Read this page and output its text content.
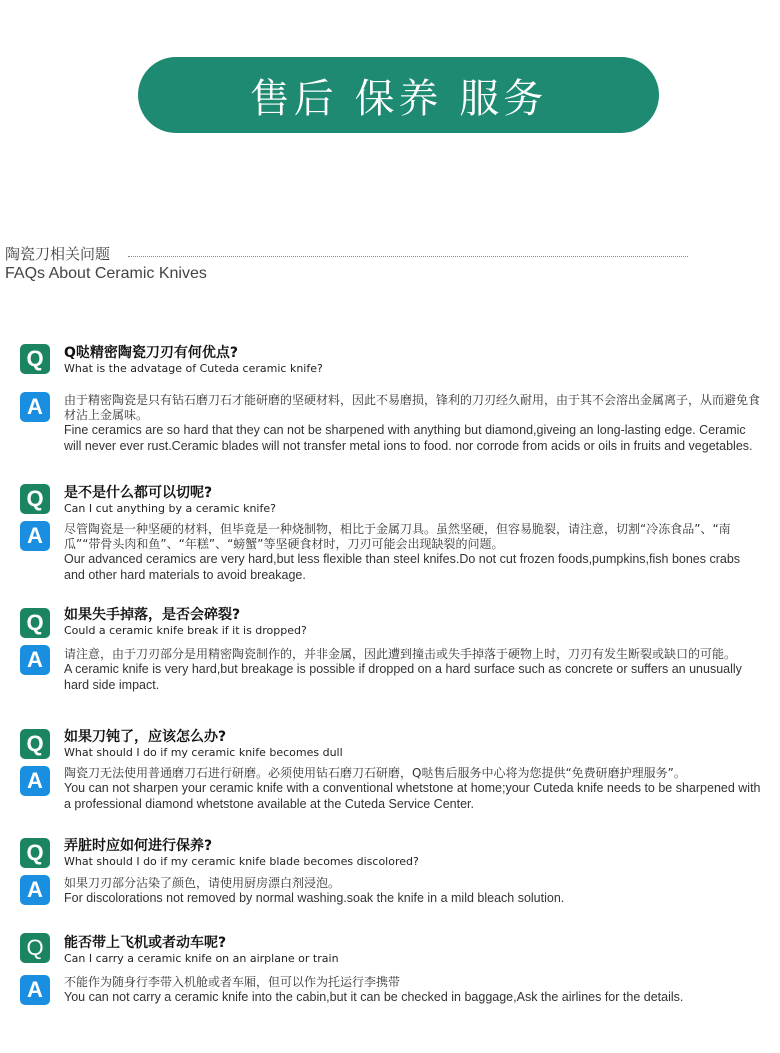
售后 保养 服务
陶瓷刀相关问题
FAQs About Ceramic Knives
Q	Q哒精密陶瓷刀刃有何优点?
What is the advatage of Cuteda ceramic knife?
A	由于精密陶瓷是只有钻石磨刀石才能研磨的坚硬材料，因此不易磨损，锋利的刀刃经久耐用，由于其不会溶出金属离子，从而避免食材沾上金属味。
Fine ceramics are so hard that they can not be sharpened with anything but diamond,giveing an long-lasting edge. Ceramic will never ever rust.Ceramic blades will not transfer metal ions to food. nor corrode from acids or oils in fruits and vegetables.
Q	是不是什么都可以切呢?
Can I cut anything by a ceramic knife?
A	尽管陶瓷是一种坚硬的材料，但毕竟是一种烧制物，相比于金属刀具。虽然坚硬，但容易脆裂，请注意，切割“冷冻食品”、“南瓜”“带骨头肉和鱼”、“年糕”、“螃蟹”等坚硬食材时，刀刃可能会出现缺裂的问题。
Our advanced ceramics are very hard,but less flexible than steel knifes.Do not cut frozen foods,pumpkins,fish bones crabs and other hard materials to avoid breakage.
Q	如果失手掉落，是否会碎裂?
Could a ceramic knife break if it is dropped?
A	请注意，由于刀刃部分是用精密陶瓷制作的，并非金属，因此遭到撞击或失手掉落于硬物上时，刀刃有发生断裂或缺口的可能。
A ceramic knife is very hard,but breakage is possible if dropped on a hard surface such as concrete or suffers an unusually hard side impact.
Q	如果刀钝了，应该怎么办?
What should I do if my ceramic knife becomes dull
A	陶瓷刀无法使用普通磨刀石进行研磨。必须使用钻石磨刀石研磨，Q哒售后服务中心将为您提供“免费研磨护理服务”。
You can not sharpen your ceramic knife with a conventional whetstone at home;your Cuteda knife needs to be sharpened with a professional diamond whetstone available at the Cuteda Service Center.
Q	弄脏时应如何进行保养?
What should I do if my ceramic knife blade becomes discolored?
A	如果刀刃部分沾染了颜色，请使用厨房漂白剂浸泡。
For discolorations not removed by normal washing.soak the knife in a mild bleach solution.
Q	能否带上飞机或者动车呢?
Can I carry a ceramic knife on an airplane or train
A	不能作为随身行李带入机舱或者车厢，但可以作为托运行李携带
You can not carry a ceramic knife into the cabin,but it can be checked in baggage,Ask the airlines for the details.
